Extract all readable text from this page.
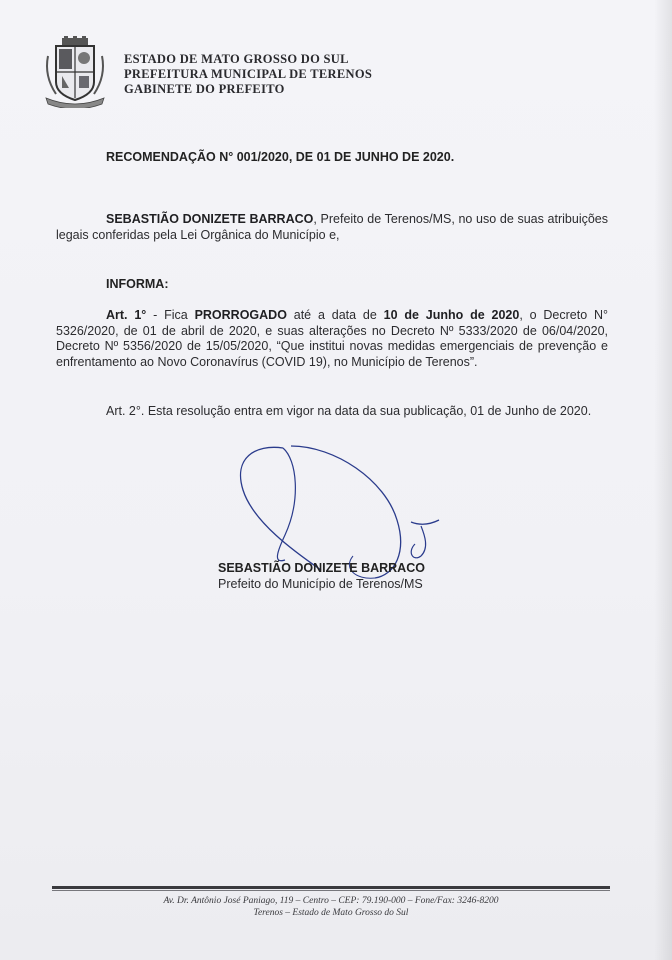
ESTADO DE MATO GROSSO DO SUL
PREFEITURA MUNICIPAL DE TERENOS
GABINETE DO PREFEITO
RECOMENDAÇÃO N° 001/2020, DE 01 DE JUNHO DE 2020.
SEBASTIÃO DONIZETE BARRACO, Prefeito de Terenos/MS, no uso de suas atribuições legais conferidas pela Lei Orgânica do Município e,
INFORMA:
Art. 1° - Fica PRORROGADO até a data de 10 de Junho de 2020, o Decreto N° 5326/2020, de 01 de abril de 2020, e suas alterações no Decreto Nº 5333/2020 de 06/04/2020, Decreto Nº 5356/2020 de 15/05/2020, “Que institui novas medidas emergenciais de prevenção e enfrentamento ao Novo Coronavírus (COVID 19), no Município de Terenos”.
Art. 2°. Esta resolução entra em vigor na data da sua publicação, 01 de Junho de 2020.
SEBASTIÃO DONIZETE BARRACO
Prefeito do Município de Terenos/MS
Av. Dr. Antônio José Paniago, 119 – Centro – CEP: 79.190-000 – Fone/Fax: 3246-8200
Terenos – Estado de Mato Grosso do Sul
